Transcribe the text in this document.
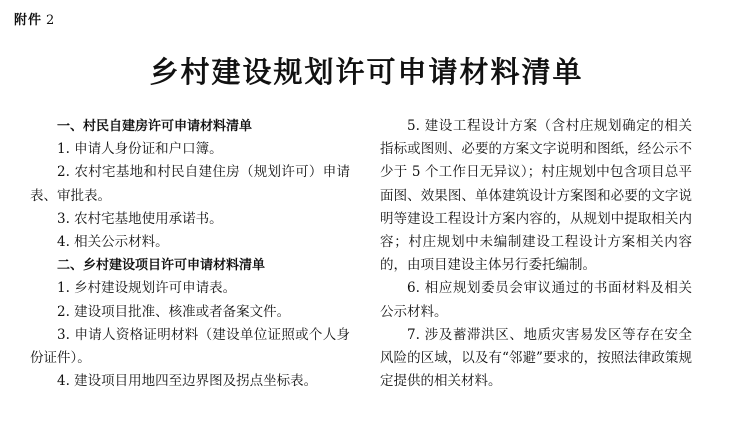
附件 2
乡村建设规划许可申请材料清单

一、村民自建房许可申请材料清单

1. 申请人身份证和户口簿。

2. 农村宅基地和村民自建住房（规划许可）申请表、审批表。

3. 农村宅基地使用承诺书。

4. 相关公示材料。

二、乡村建设项目许可申请材料清单

1. 乡村建设规划许可申请表。

2. 建设项目批准、核准或者备案文件。

3. 申请人资格证明材料（建设单位证照或个人身份证件）。

4. 建设项目用地四至边界图及拐点坐标表。

5. 建设工程设计方案（含村庄规划确定的相关指标或图则、必要的方案文字说明和图纸，经公示不少于 5 个工作日无异议）；村庄规划中包含项目总平面图、效果图、单体建筑设计方案图和必要的文字说明等建设工程设计方案内容的，从规划中提取相关内容；村庄规划中未编制建设工程设计方案相关内容的，由项目建设主体另行委托编制。

6. 相应规划委员会审议通过的书面材料及相关公示材料。

7. 涉及蓄滞洪区、地质灾害易发区等存在安全风险的区域，以及有“邻避”要求的，按照法律政策规定提供的相关材料。
